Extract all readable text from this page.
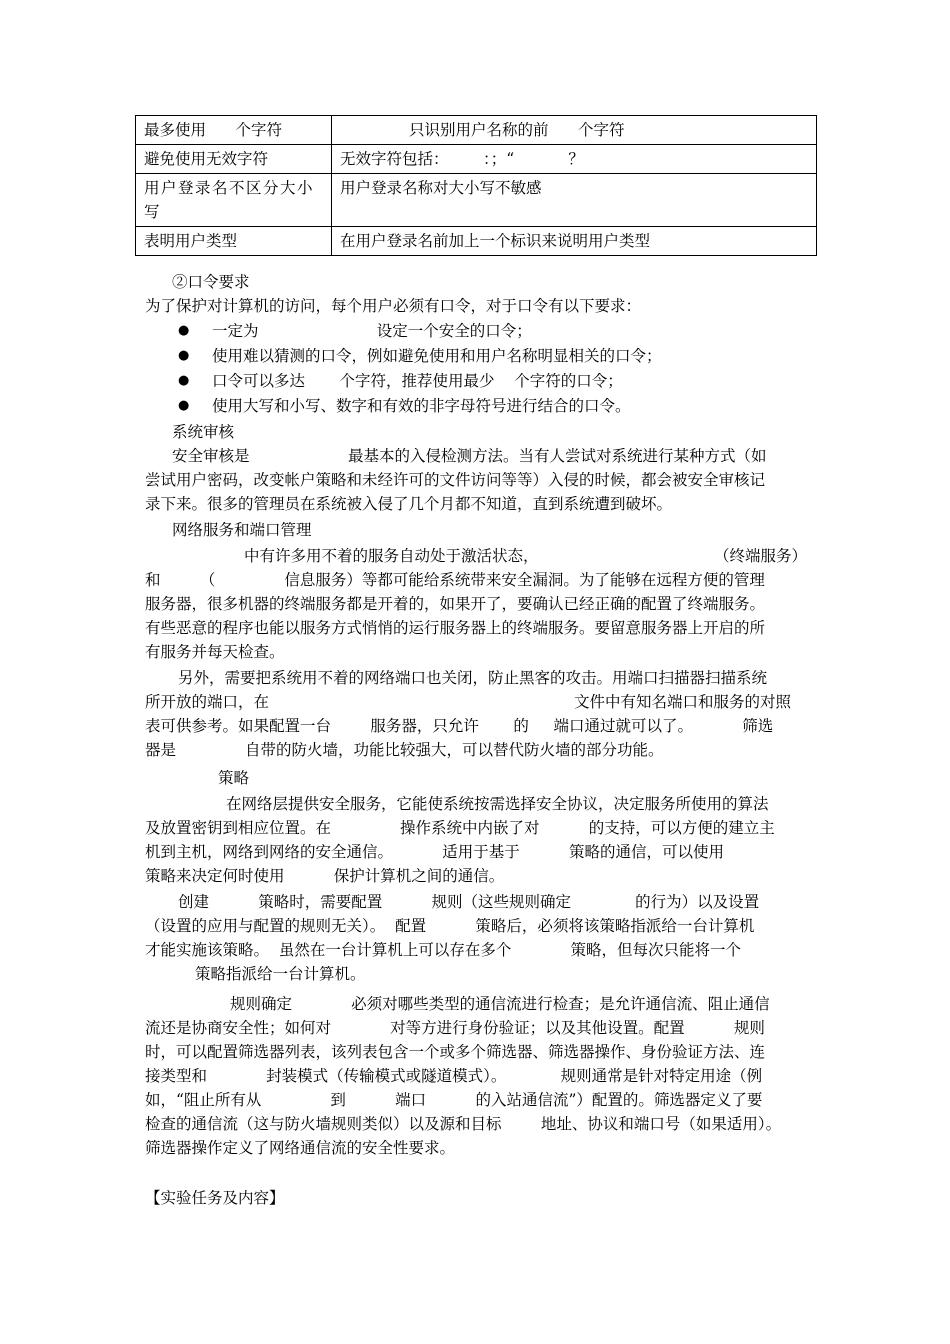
最多使用      个字符	只识别用户名称的前      个字符
避免使用无效字符	无效字符包括：       ：；“           ？
用户登录名不区分大小写	用户登录名称对大小写不敏感
表明用户类型	在用户登录名前加上一个标识来说明用户类型
②口令要求
为了保护对计算机的访问，每个用户必须有口令，对于口令有以下要求：
● 一定为                        设定一个安全的口令；
● 使用难以猜测的口令，例如避免使用和用户名称明显相关的口令；
● 口令可以多达       个字符，推荐使用最少    个字符的口令；
● 使用大写和小写、数字和有效的非字母符号进行结合的口令。
系统审核
安全审核是                    最基本的入侵检测方法。当有人尝试对系统进行某种方式（如
尝试用户密码，改变帐户策略和未经许可的文件访问等等）入侵的时候，都会被安全审核记
录下来。很多的管理员在系统被入侵了几个月都不知道，直到系统遭到破坏。
网络服务和端口管理
中有许多用不着的服务自动处于激活状态，	（终端服务）
和        （              信息服务）等都可能给系统带来安全漏洞。为了能够在远程方便的管理
服务器，很多机器的终端服务都是开着的，如果开了，要确认已经正确的配置了终端服务。
有些恶意的程序也能以服务方式悄悄的运行服务器上的终端服务。要留意服务器上开启的所
有服务并每天检查。
另外，需要把系统用不着的网络端口也关闭，防止黑客的攻击。用端口扫描器扫描系统
所开放的端口，在	文件中有知名端口和服务的对照
表可供参考。如果配置一台        服务器，只允许       的     端口通过就可以了。          筛选
器是              自带的防火墙，功能比较强大，可以替代防火墙的部分功能。
策略
在网络层提供安全服务，它能使系统按需选择安全协议，决定服务所使用的算法
及放置密钥到相应位置。在              操作系统中内嵌了对          的支持，可以方便的建立主
机到主机，网络到网络的安全通信。          适用于基于          策略的通信，可以使用
策略来决定何时使用          保护计算机之间的通信。
创建          策略时，需要配置          规则（这些规则确定             的行为）以及设置
（设置的应用与配置的规则无关）。  配置          策略后，必须将该策略指派给一台计算机
才能实施该策略。  虽然在一台计算机上可以存在多个            策略，但每次只能将一个
策略指派给一台计算机。
规则确定            必须对哪些类型的通信流进行检查；是允许通信流、阻止通信
流还是协商安全性；如何对            对等方进行身份验证；以及其他设置。配置          规则
时，可以配置筛选器列表，该列表包含一个或多个筛选器、筛选器操作、身份验证方法、连
接类型和            封装模式（传输模式或隧道模式）。           规则通常是针对特定用途（例
如，“阻止所有从              到          端口          的入站通信流”）配置的。筛选器定义了要
检查的通信流（这与防火墙规则类似）以及源和目标        地址、协议和端口号（如果适用）。
筛选器操作定义了网络通信流的安全性要求。
【实验任务及内容】
